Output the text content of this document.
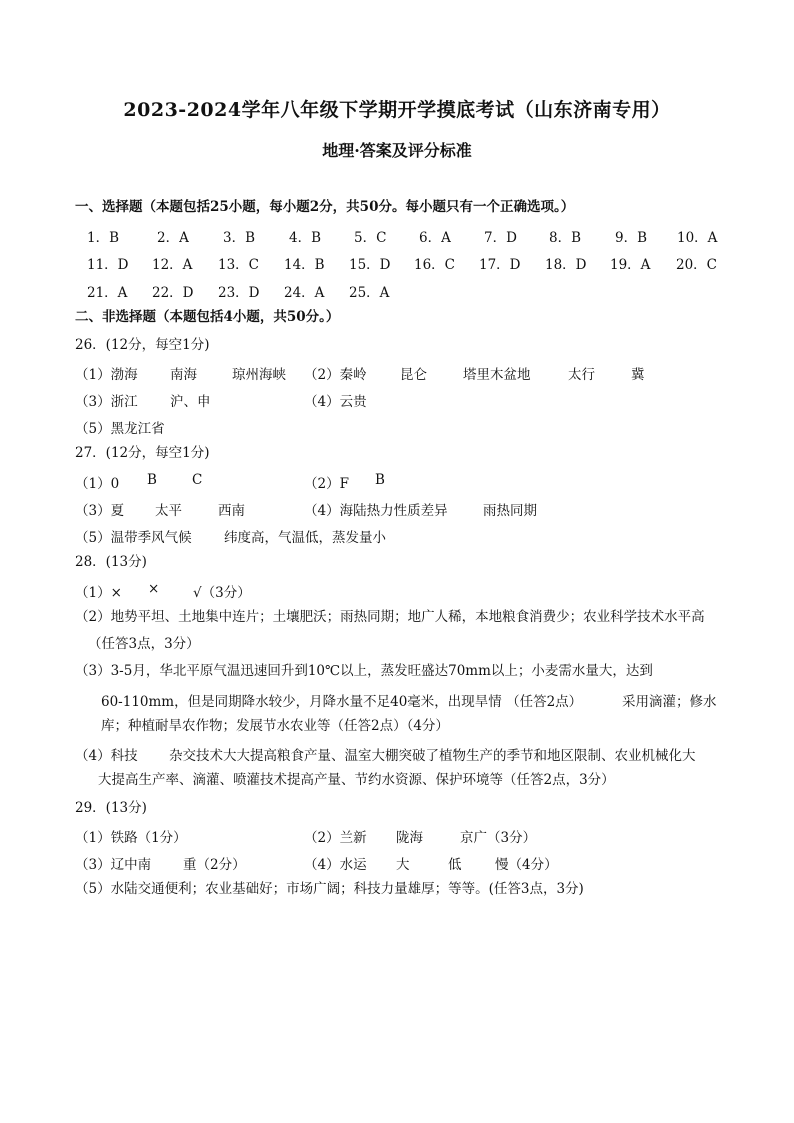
2023-2024学年八年级下学期开学摸底考试（山东济南专用）
地理·答案及评分标准
一、选择题（本题包括25小题，每小题2分，共50分。每小题只有一个正确选项。）
1．B	2．A	3．B	4．B 5．C 6．A 7．D 8．B	9．B 10．A
11．D 12．A 13．C 14．B 15．D 16．C 17．D 18．D 19．A 20．C
21．A 22．D 23．D 24．A 25．A
二、非选择题（本题包括4小题，共50分。）
26．(12分，每空1分)
（1）渤海 南海	琼州海峡 （2）秦岭 昆仑	塔里木盆地	太行	冀
（3）浙江 沪、申	（4）云贵
（5）黑龙江省
27．(12分，每空1分)
（1）0 B	C	（2）F B
（3）夏 太平	西南	（4）海陆热力性质差异	雨热同期
（5）温带季风气候 纬度高，气温低，蒸发量小
28．(13分)
（1）× × √（3分）
（2）地势平坦、土地集中连片；土壤肥沃；雨热同期；地广人稀，本地粮食消费少；农业科学技术水平高
（任答3点，3分）
（3）3-5月，华北平原气温迅速回升到10℃以上，蒸发旺盛达70mm以上；小麦需水量大，达到
60-110mm，但是同期降水较少，月降水量不足40毫米，出现旱情 （任答2点）	采用滴灌；修水
库；种植耐旱农作物；发展节水农业等（任答2点）（4分）
（4）科技 杂交技术大大提高粮食产量、温室大棚突破了植物生产的季节和地区限制、农业机械化大
大提高生产率、滴灌、喷灌技术提高产量、节约水资源、保护环境等（任答2点，3分）
29．(13分)
（1）铁路（1分）	（2）兰新 陇海	京广（3分）
（3）辽中南 重（2分）	（4）水运 大	低 慢（4分）
（5）水陆交通便利；农业基础好；市场广阔；科技力量雄厚；等等。(任答3点，3分)
